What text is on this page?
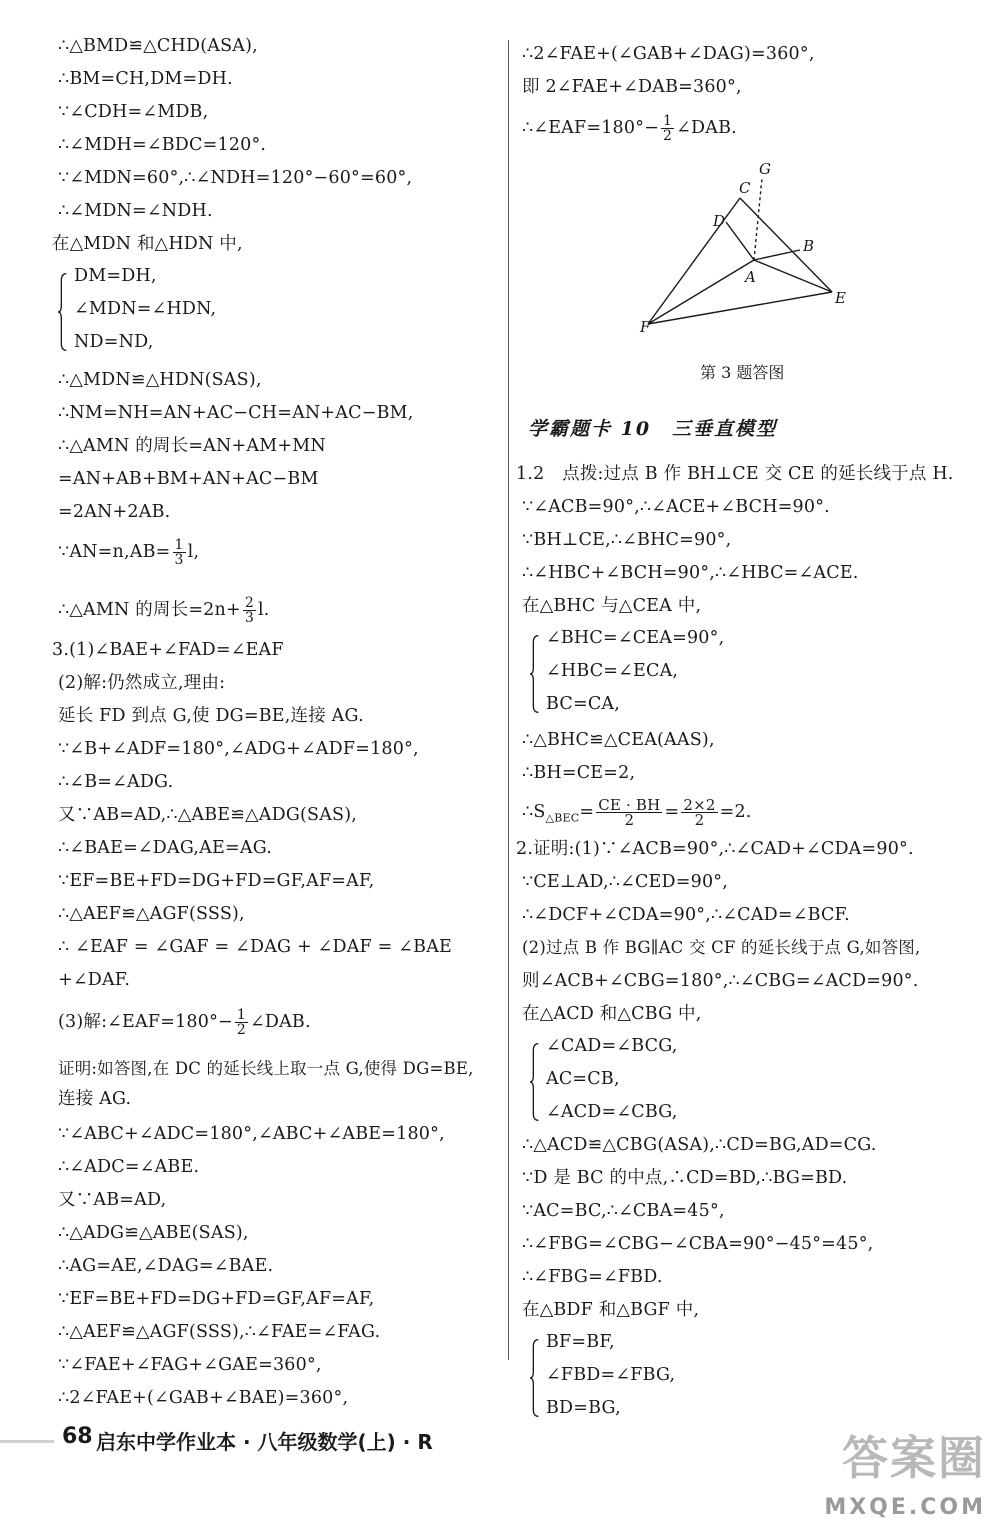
∴△BMD≌△CHD(ASA),
∴BM=CH,DM=DH.
∵∠CDH=∠MDB,
∴∠MDH=∠BDC=120°.
∵∠MDN=60°,∴∠NDH=120°−60°=60°,
∴∠MDN=∠NDH.
在△MDN 和△HDN 中,
DM=DH,
∠MDN=∠HDN,
ND=ND,
∴△MDN≌△HDN(SAS),
∴NM=NH=AN+AC−CH=AN+AC−BM,
∴△AMN 的周长=AN+AM+MN
=AN+AB+BM+AN+AC−BM
=2AN+2AB.
∵AN=n,AB= $\frac{1}{3} l$,
∴△AMN 的周长$=2n+ \frac{2}{3} l$.
3.(1)∠BAE+∠FAD=∠EAF
(2)解:仍然成立,理由:
延长 FD 到点 G,使 DG=BE,连接 AG.
∵∠B+∠ADF=180°,∠ADG+∠ADF=180°,
∴∠B=∠ADG.
又∵AB=AD,∴△ABE≌△ADG(SAS),
∴∠BAE=∠DAG,AE=AG.
∵EF=BE+FD=DG+FD=GF,AF=AF,
∴△AEF≌△AGF(SSS),
∴ ∠EAF = ∠GAF = ∠DAG + ∠DAF = ∠BAE
+∠DAF.
(3)解:∠EAF=180°− $\frac{1}{2}$ ∠DAB.
证明:如答图,在 DC 的延长线上取一点 G,使得 DG=BE,
连接 AG.
∵∠ABC+∠ADC=180°,∠ABC+∠ABE=180°,
∴∠ADC=∠ABE.
又∵AB=AD,
∴△ADG≌△ABE(SAS),
∴AG=AE,∠DAG=∠BAE.
∵EF=BE+FD=DG+FD=GF,AF=AF,
∴△AEF≌△AGF(SSS),∴∠FAE=∠FAG.
∵∠FAE+∠FAG+∠GAE=360°,
∴2∠FAE+(∠GAB+∠BAE)=360°,
∴2∠FAE+(∠GAB+∠DAG)=360°,
即 2∠FAE+∠DAB=360°,
∴∠EAF=180°− $\frac{1}{2}$ ∠DAB.
学霸题卡 10　三垂直模型
1.2　点拨:过点 B 作 BH⊥CE 交 CE 的延长线于点 H.
∵∠ACB=90°,∴∠ACE+∠BCH=90°.
∵BH⊥CE,∴∠BHC=90°,
∴∠HBC+∠BCH=90°,∴∠HBC=∠ACE.
在△BHC 与△CEA 中,
∠BHC=∠CEA=90°,
∠HBC=∠ECA,
BC=CA,
∴△BHC≌△CEA(AAS),
∴BH=CE=2,
$\therefore S_{\triangle BEC}= \frac{CE \cdot BH}{2} = \frac{2\times 2}{2} =2$.
2.证明:(1)∵∠ACB=90°,∴∠CAD+∠CDA=90°.
∵CE⊥AD,∴∠CED=90°,
∴∠DCF+∠CDA=90°,∴∠CAD=∠BCF.
(2)过点 B 作 BG∥AC 交 CF 的延长线于点 G,如答图,
则∠ACB+∠CBG=180°,∴∠CBG=∠ACD=90°.
在△ACD 和△CBG 中,
∠CAD=∠BCG,
AC=CB,
∠ACD=∠CBG,
∴△ACD≌△CBG(ASA),∴CD=BG,AD=CG.
∵D 是 BC 的中点,∴CD=BD,∴BG=BD.
∵AC=BC,∴∠CBA=45°,
∴∠FBG=∠CBG−∠CBA=90°−45°=45°,
∴∠FBG=∠FBD.
在△BDF 和△BGF 中,
BF=BF,
∠FBD=∠FBG,
BD=BG,
G
C
D
B
A
E
F
第 3 题答图
68 启东中学作业本 · 八年级数学(上) · R	答案圈
MXQE.COM
